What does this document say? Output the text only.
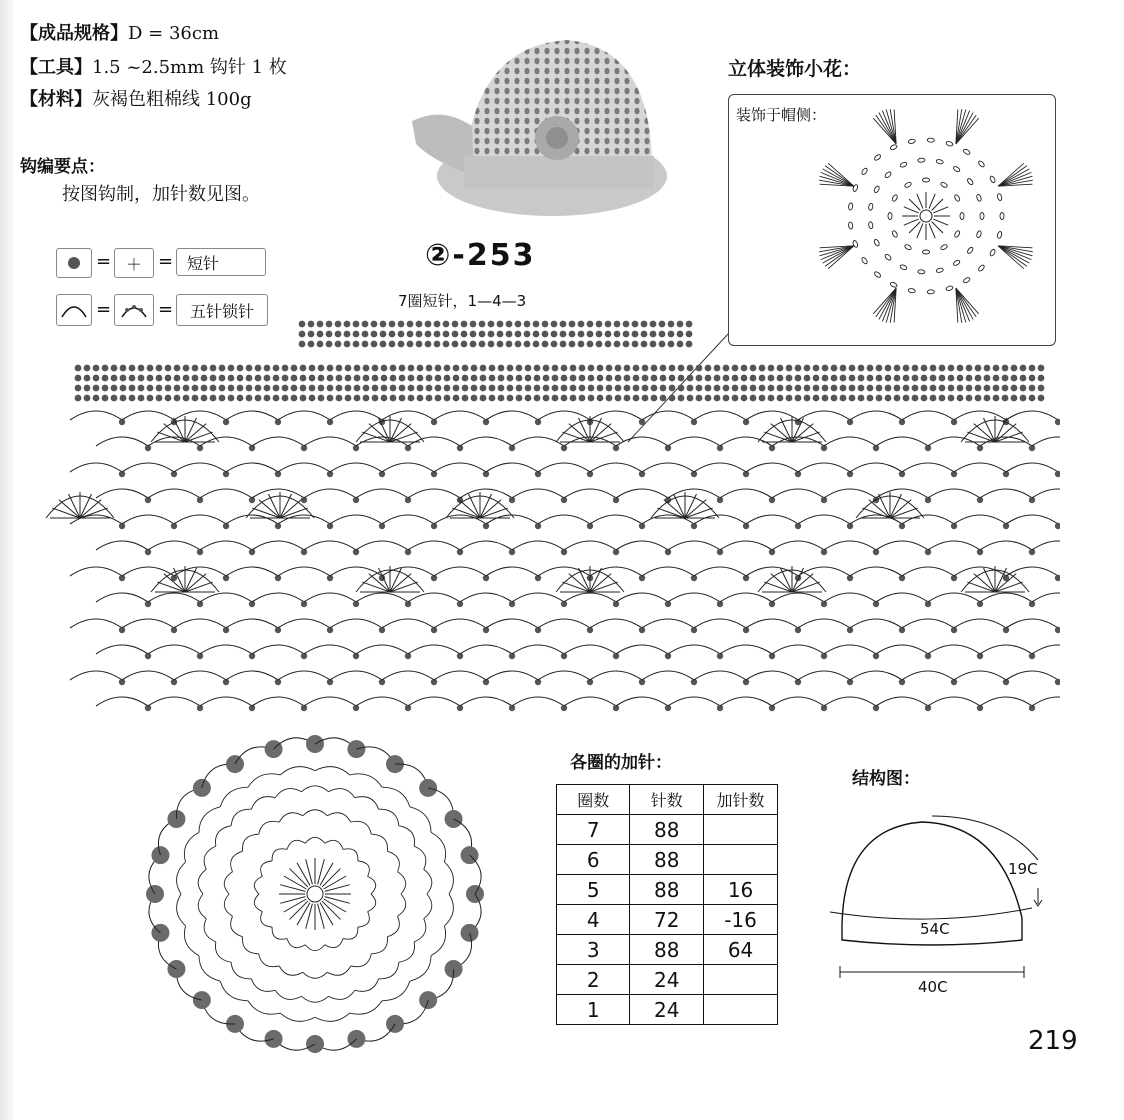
【成品规格】D = 36cm
【工具】1.5 ~2.5mm 钩针 1 枚
【材料】灰褐色粗棉线 100g
钩编要点：
按图钩制，加针数见图。
= ＋ = 短针
=	=	五针锁针
②-253
7圈短针，1—4—3
立体装饰小花：
装饰于帽侧：
各圈的加针：
圈数	针数	加针数
7	88	
6	88	
5	88	16
4	72	-16
3	88	64
2	24	
1	24	
结构图：
19C
54C
40C
219
